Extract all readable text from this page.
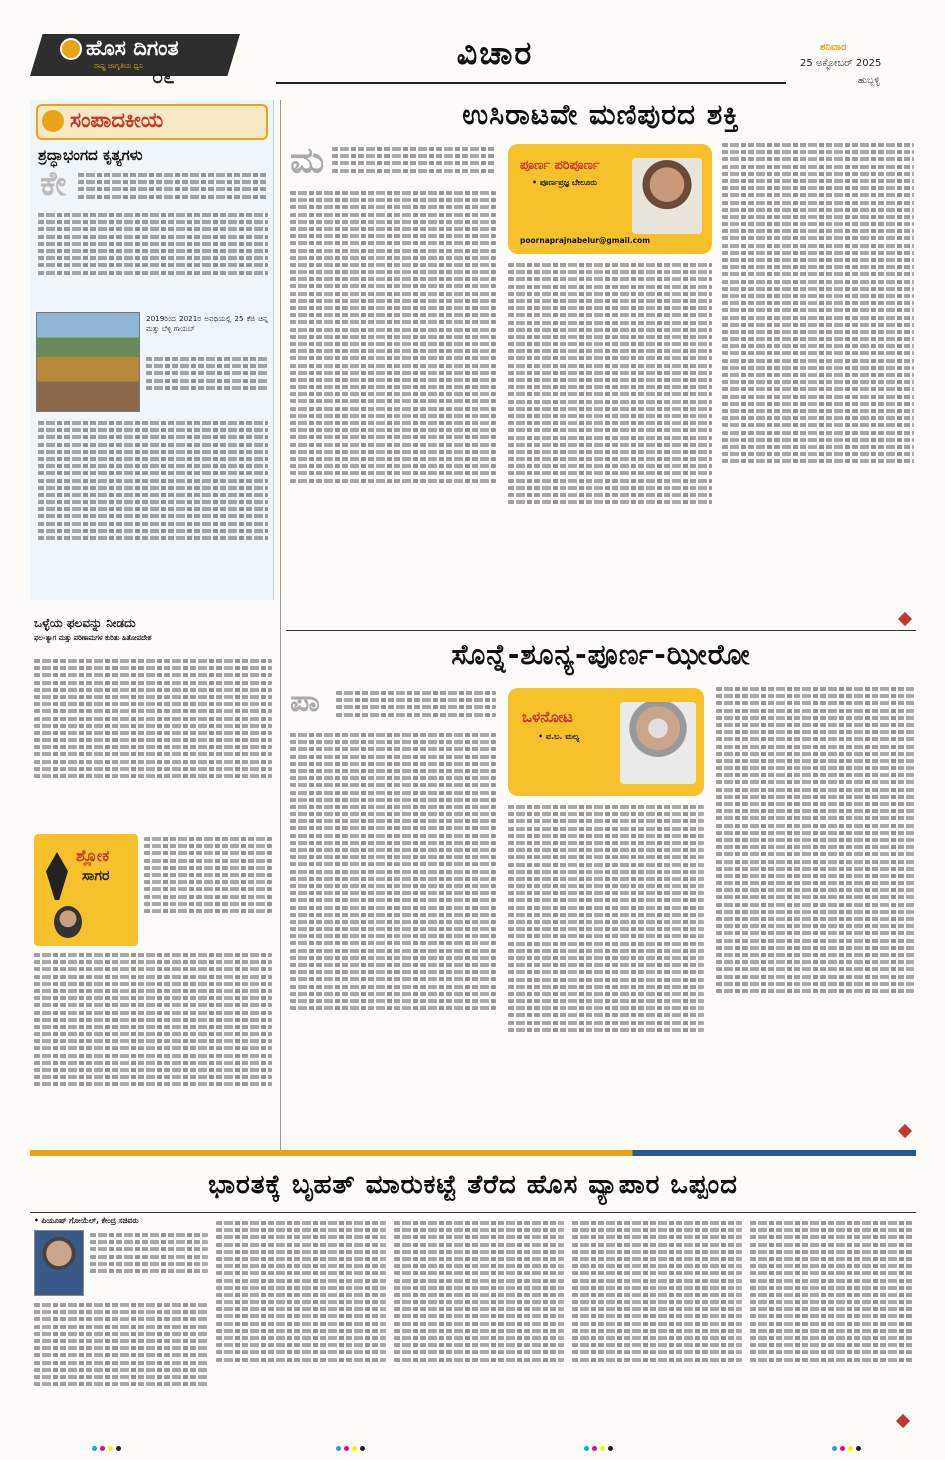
ಹೊಸ ದಿಗಂತ
ರಾಷ್ಟ್ರ ಜಾಗೃತಿಯ ಧ್ವನಿ ೦೬
ವಿಚಾರ	ಶನಿವಾರ
25 ಅಕ್ಟೋಬರ್ 2025
ಹುಬ್ಬಳ್ಳಿ
ಸಂಪಾದಕೀಯ
ಶ್ರದ್ಧಾಭಂಗದ ಕೃತ್ಯಗಳು
ಕೇ
2019ರಿಂದ 2021ರ ಅವಧಿಯಲ್ಲಿ 25 ಕೆಜಿ ಚಿನ್ನ ಮತ್ತು ಬೆಳ್ಳಿ ಗಾಯಬ್
ಒಳ್ಳೆಯ ಫಲವನ್ನು ನೀಡದು
ಫಲ-ತ್ಯಾಗ ಮತ್ತು ಪರಿಣಾಮಗಳ ಕುರಿತು ಹಿತೋಪದೇಶ
ಶ್ಲೋಕ
ಸಾಗರ
ಉಸಿರಾಟವೇ ಮಣಿಪುರದ ಶಕ್ತಿ
ಮ	ಪೂರ್ಣ ಪರಿಪೂರ್ಣ
• ಪೂರ್ಣಪ್ರಜ್ಞ ಬೇಲೂರು
poornaprajnabelur@gmail.com
ಸೊನ್ನೆ-ಶೂನ್ಯ-ಪೂರ್ಣ-ಝೀರೋ
ಪಾ	ಒಳನೋಟ
• ವ.ಬ. ಮಲ್ಯ
ಭಾರತಕ್ಕೆ ಬೃಹತ್ ಮಾರುಕಟ್ಟೆ ತೆರೆದ ಹೊಸ ವ್ಯಾಪಾರ ಒಪ್ಪಂದ
• ಪಿಯೂಷ್ ಗೋಯೆಲ್, ಕೇಂದ್ರ ಸಚಿವರು
